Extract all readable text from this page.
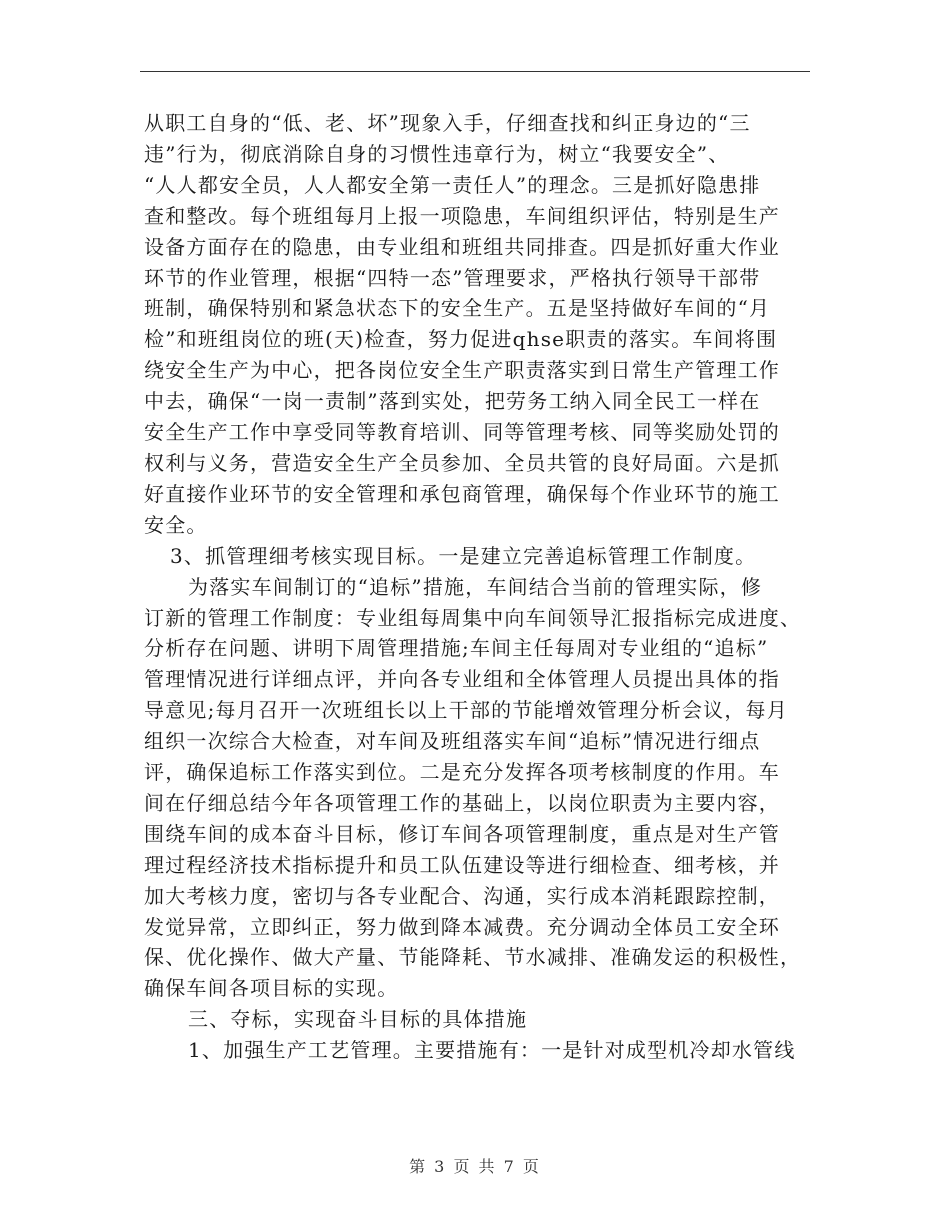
从职工自身的“低、老、坏”现象入手，仔细查找和纠正身边的“三
违”行为，彻底消除自身的习惯性违章行为，树立“我要安全”、
“人人都安全员，人人都安全第一责任人”的理念。三是抓好隐患排
查和整改。每个班组每月上报一项隐患，车间组织评估，特别是生产
设备方面存在的隐患，由专业组和班组共同排查。四是抓好重大作业
环节的作业管理，根据“四特一态”管理要求，严格执行领导干部带
班制，确保特别和紧急状态下的安全生产。五是坚持做好车间的“月
检”和班组岗位的班(天)检查，努力促进qhse职责的落实。车间将围
绕安全生产为中心，把各岗位安全生产职责落实到日常生产管理工作
中去，确保“一岗一责制”落到实处，把劳务工纳入同全民工一样在
安全生产工作中享受同等教育培训、同等管理考核、同等奖励处罚的
权利与义务，营造安全生产全员参加、全员共管的良好局面。六是抓
好直接作业环节的安全管理和承包商管理，确保每个作业环节的施工
安全。
3、抓管理细考核实现目标。一是建立完善追标管理工作制度。
为落实车间制订的“追标”措施，车间结合当前的管理实际，修
订新的管理工作制度：专业组每周集中向车间领导汇报指标完成进度、
分析存在问题、讲明下周管理措施;车间主任每周对专业组的“追标”
管理情况进行详细点评，并向各专业组和全体管理人员提出具体的指
导意见;每月召开一次班组长以上干部的节能增效管理分析会议，每月
组织一次综合大检查，对车间及班组落实车间“追标”情况进行细点
评，确保追标工作落实到位。二是充分发挥各项考核制度的作用。车
间在仔细总结今年各项管理工作的基础上，以岗位职责为主要内容，
围绕车间的成本奋斗目标，修订车间各项管理制度，重点是对生产管
理过程经济技术指标提升和员工队伍建设等进行细检查、细考核，并
加大考核力度，密切与各专业配合、沟通，实行成本消耗跟踪控制，
发觉异常，立即纠正，努力做到降本减费。充分调动全体员工安全环
保、优化操作、做大产量、节能降耗、节水减排、准确发运的积极性，
确保车间各项目标的实现。
三、夺标，实现奋斗目标的具体措施
1、加强生产工艺管理。主要措施有：一是针对成型机冷却水管线
第 3 页 共 7 页
